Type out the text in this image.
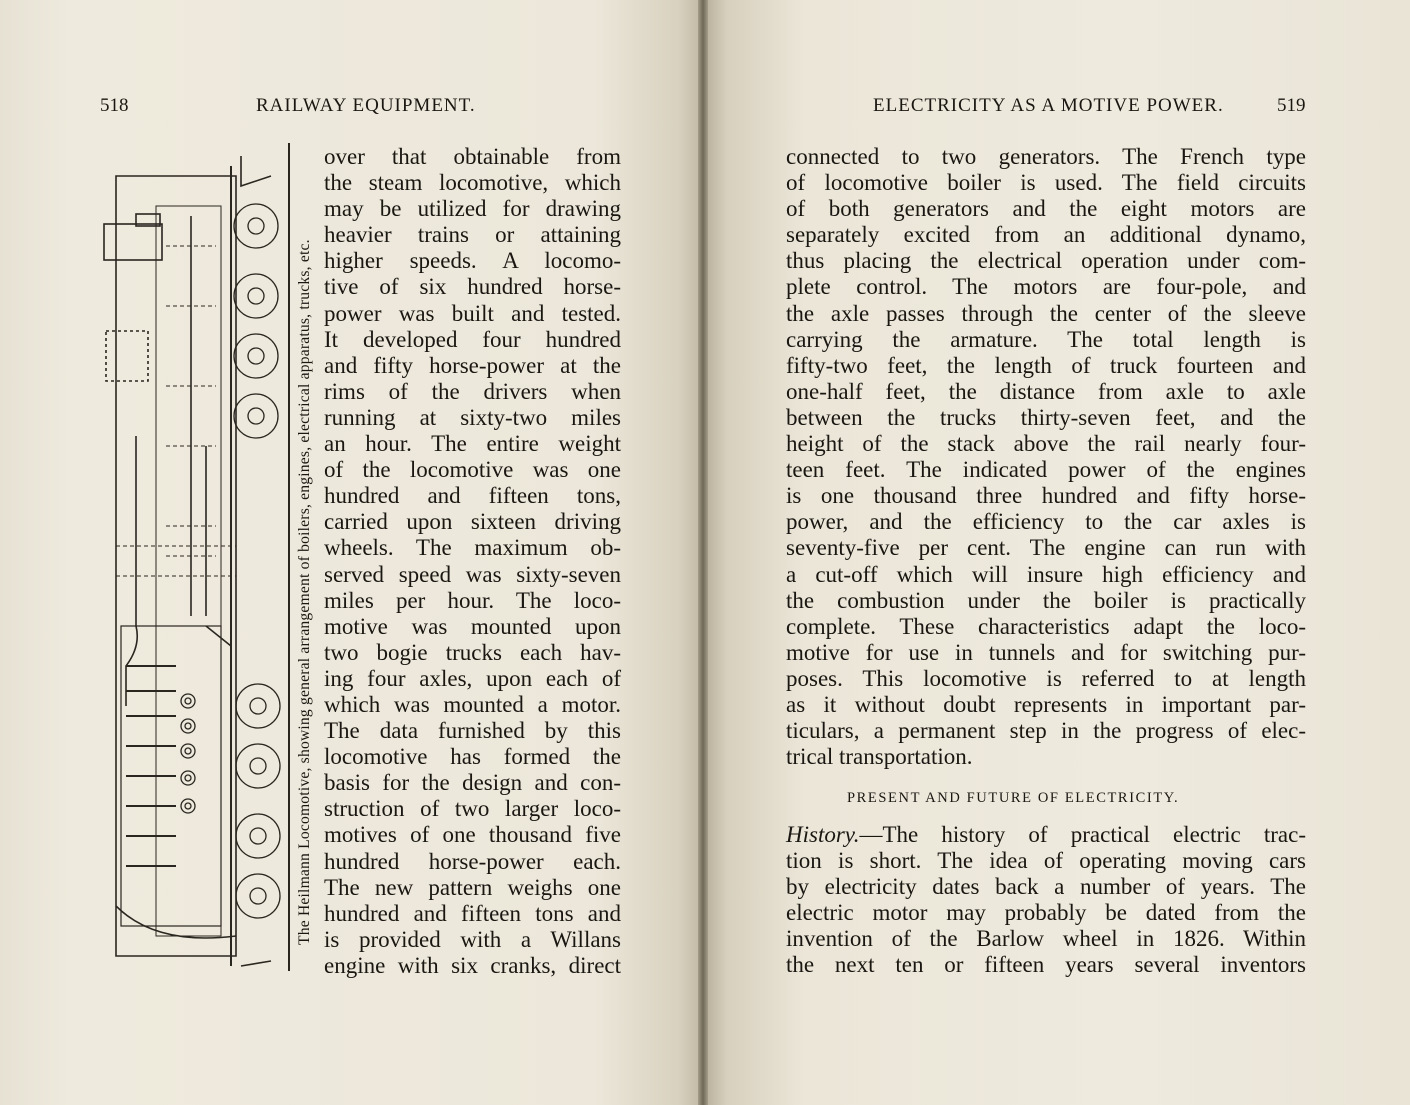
518	RAILWAY EQUIPMENT.	ELECTRICITY AS A MOTIVE POWER.	519
The Heilmann Locomotive, showing general arrangement of boilers, engines, electrical apparatus, trucks, etc.
over that obtainable from
the steam locomotive, which
may be utilized for drawing
heavier trains or attaining
higher speeds. A locomo-
tive of six hundred horse-
power was built and tested.
It developed four hundred
and fifty horse-power at the
rims of the drivers when
running at sixty-two miles
an hour. The entire weight
of the locomotive was one
hundred and fifteen tons,
carried upon sixteen driving
wheels. The maximum ob-
served speed was sixty-seven
miles per hour. The loco-
motive was mounted upon
two bogie trucks each hav-
ing four axles, upon each of
which was mounted a motor.
The data furnished by this
locomotive has formed the
basis for the design and con-
struction of two larger loco-
motives of one thousand five
hundred horse-power each.
The new pattern weighs one
hundred and fifteen tons and
is provided with a Willans
engine with six cranks, direct
connected to two generators. The French type
of locomotive boiler is used. The field circuits
of both generators and the eight motors are
separately excited from an additional dynamo,
thus placing the electrical operation under com-
plete control. The motors are four-pole, and
the axle passes through the center of the sleeve
carrying the armature. The total length is
fifty-two feet, the length of truck fourteen and
one-half feet, the distance from axle to axle
between the trucks thirty-seven feet, and the
height of the stack above the rail nearly four-
teen feet. The indicated power of the engines
is one thousand three hundred and fifty horse-
power, and the efficiency to the car axles is
seventy-five per cent. The engine can run with
a cut-off which will insure high efficiency and
the combustion under the boiler is practically
complete. These characteristics adapt the loco-
motive for use in tunnels and for switching pur-
poses. This locomotive is referred to at length
as it without doubt represents in important par-
ticulars, a permanent step in the progress of elec-
trical transportation.
PRESENT AND FUTURE OF ELECTRICITY.
History.—The history of practical electric trac-
tion is short. The idea of operating moving cars
by electricity dates back a number of years. The
electric motor may probably be dated from the
invention of the Barlow wheel in 1826. Within
the next ten or fifteen years several inventors
